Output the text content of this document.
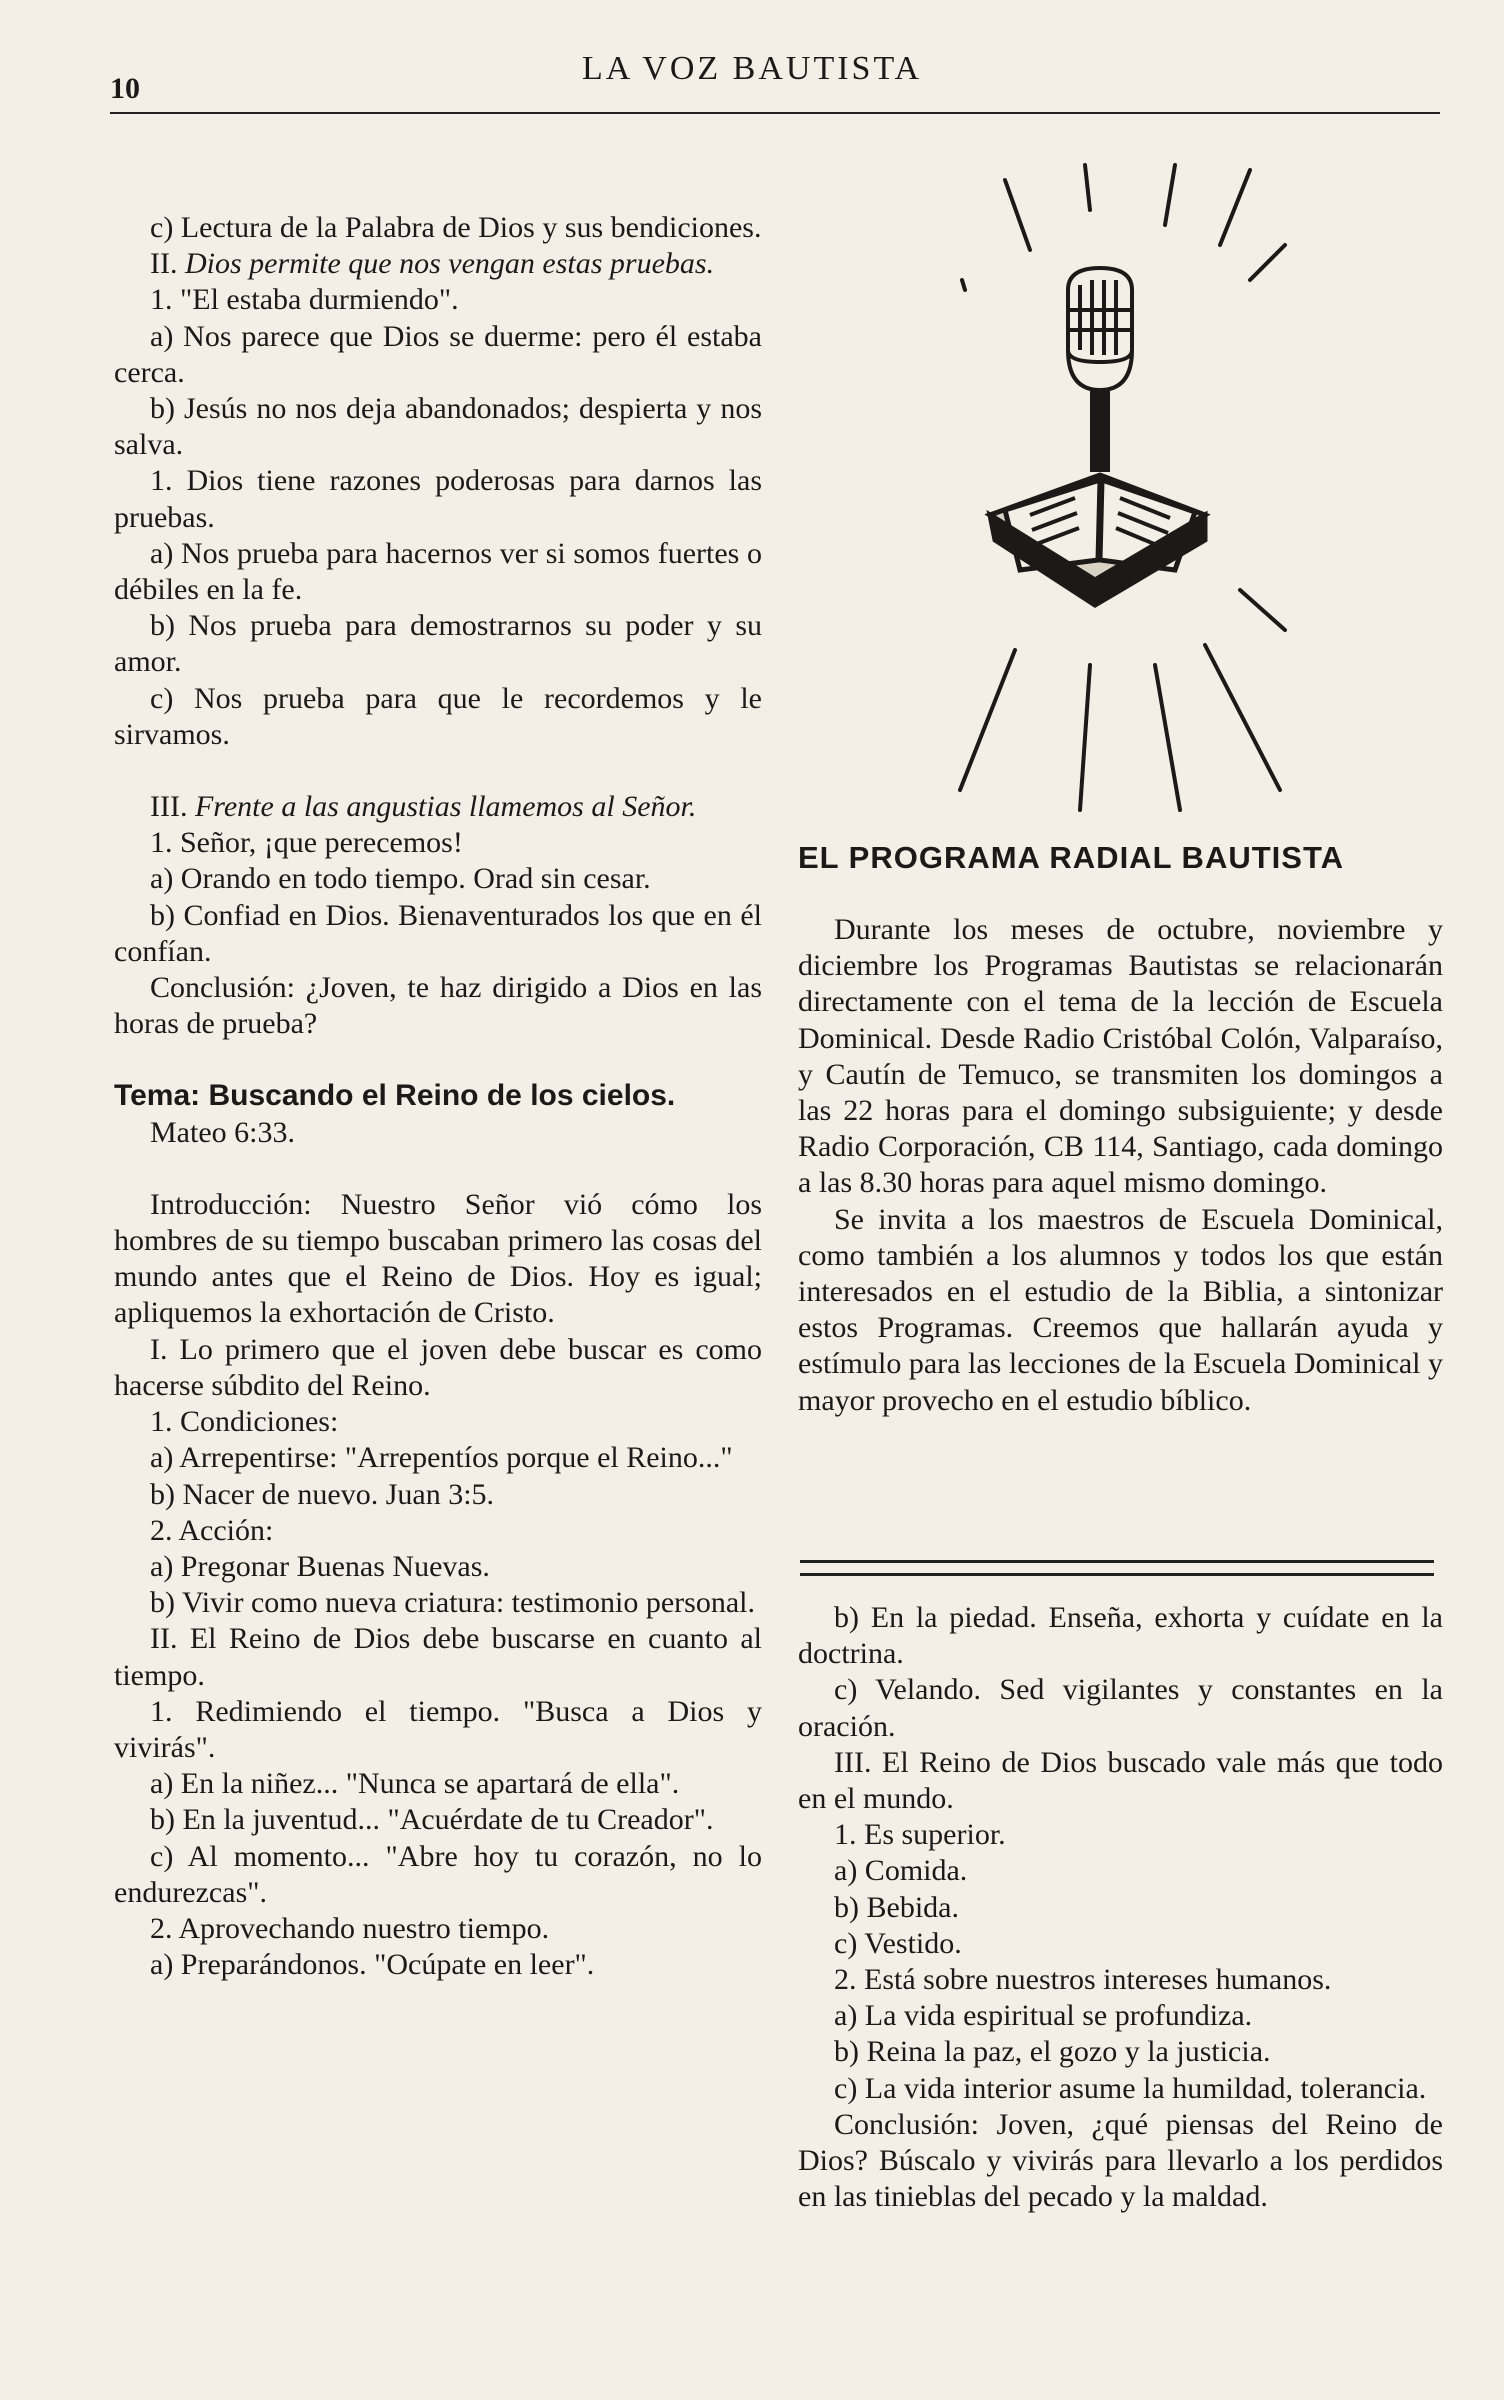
10
LA VOZ BAUTISTA

c) Lectura de la Palabra de Dios y sus bendiciones.

II. Dios permite que nos vengan estas pruebas.

1. "El estaba durmiendo".

a) Nos parece que Dios se duerme: pero él estaba cerca.

b) Jesús no nos deja abandonados; despierta y nos salva.

1. Dios tiene razones poderosas para darnos las pruebas.

a) Nos prueba para hacernos ver si somos fuertes o débiles en la fe.

b) Nos prueba para demostrarnos su poder y su amor.

c) Nos prueba para que le recordemos y le sirvamos.

III. Frente a las angustias llamemos al Señor.

1. Señor, ¡que perecemos!

a) Orando en todo tiempo. Orad sin cesar.

b) Confiad en Dios. Bienaventurados los que en él confían.

Conclusión: ¿Joven, te haz dirigido a Dios en las horas de prueba?

Tema: Buscando el Reino de los cielos.

Mateo 6:33.

Introducción: Nuestro Señor vió cómo los hombres de su tiempo buscaban primero las cosas del mundo antes que el Reino de Dios. Hoy es igual; apliquemos la exhortación de Cristo.

I. Lo primero que el joven debe buscar es como hacerse súbdito del Reino.

1. Condiciones:

a) Arrepentirse: "Arrepentíos porque el Reino..."

b) Nacer de nuevo. Juan 3:5.

2. Acción:

a) Pregonar Buenas Nuevas.

b) Vivir como nueva criatura: testimonio personal.

II. El Reino de Dios debe buscarse en cuanto al tiempo.

1. Redimiendo el tiempo. "Busca a Dios y vivirás".

a) En la niñez... "Nunca se apartará de ella".

b) En la juventud... "Acuérdate de tu Creador".

c) Al momento... "Abre hoy tu corazón, no lo endurezcas".

2. Aprovechando nuestro tiempo.

a) Preparándonos. "Ocúpate en leer".

EL PROGRAMA RADIAL BAUTISTA

Durante los meses de octubre, noviembre y diciembre los Programas Bautistas se relacionarán directamente con el tema de la lección de Escuela Dominical. Desde Radio Cristóbal Colón, Valparaíso, y Cautín de Temuco, se transmiten los domingos a las 22 horas para el domingo subsiguiente; y desde Radio Corporación, CB 114, Santiago, cada domingo a las 8.30 horas para aquel mismo domingo.

Se invita a los maestros de Escuela Dominical, como también a los alumnos y todos los que están interesados en el estudio de la Biblia, a sintonizar estos Programas. Creemos que hallarán ayuda y estímulo para las lecciones de la Escuela Dominical y mayor provecho en el estudio bíblico.

b) En la piedad. Enseña, exhorta y cuídate en la doctrina.

c) Velando. Sed vigilantes y constantes en la oración.

III. El Reino de Dios buscado vale más que todo en el mundo.

1. Es superior.

a) Comida.

b) Bebida.

c) Vestido.

2. Está sobre nuestros intereses humanos.

a) La vida espiritual se profundiza.

b) Reina la paz, el gozo y la justicia.

c) La vida interior asume la humildad, tolerancia.

Conclusión: Joven, ¿qué piensas del Reino de Dios? Búscalo y vivirás para llevarlo a los perdidos en las tinieblas del pecado y la maldad.
